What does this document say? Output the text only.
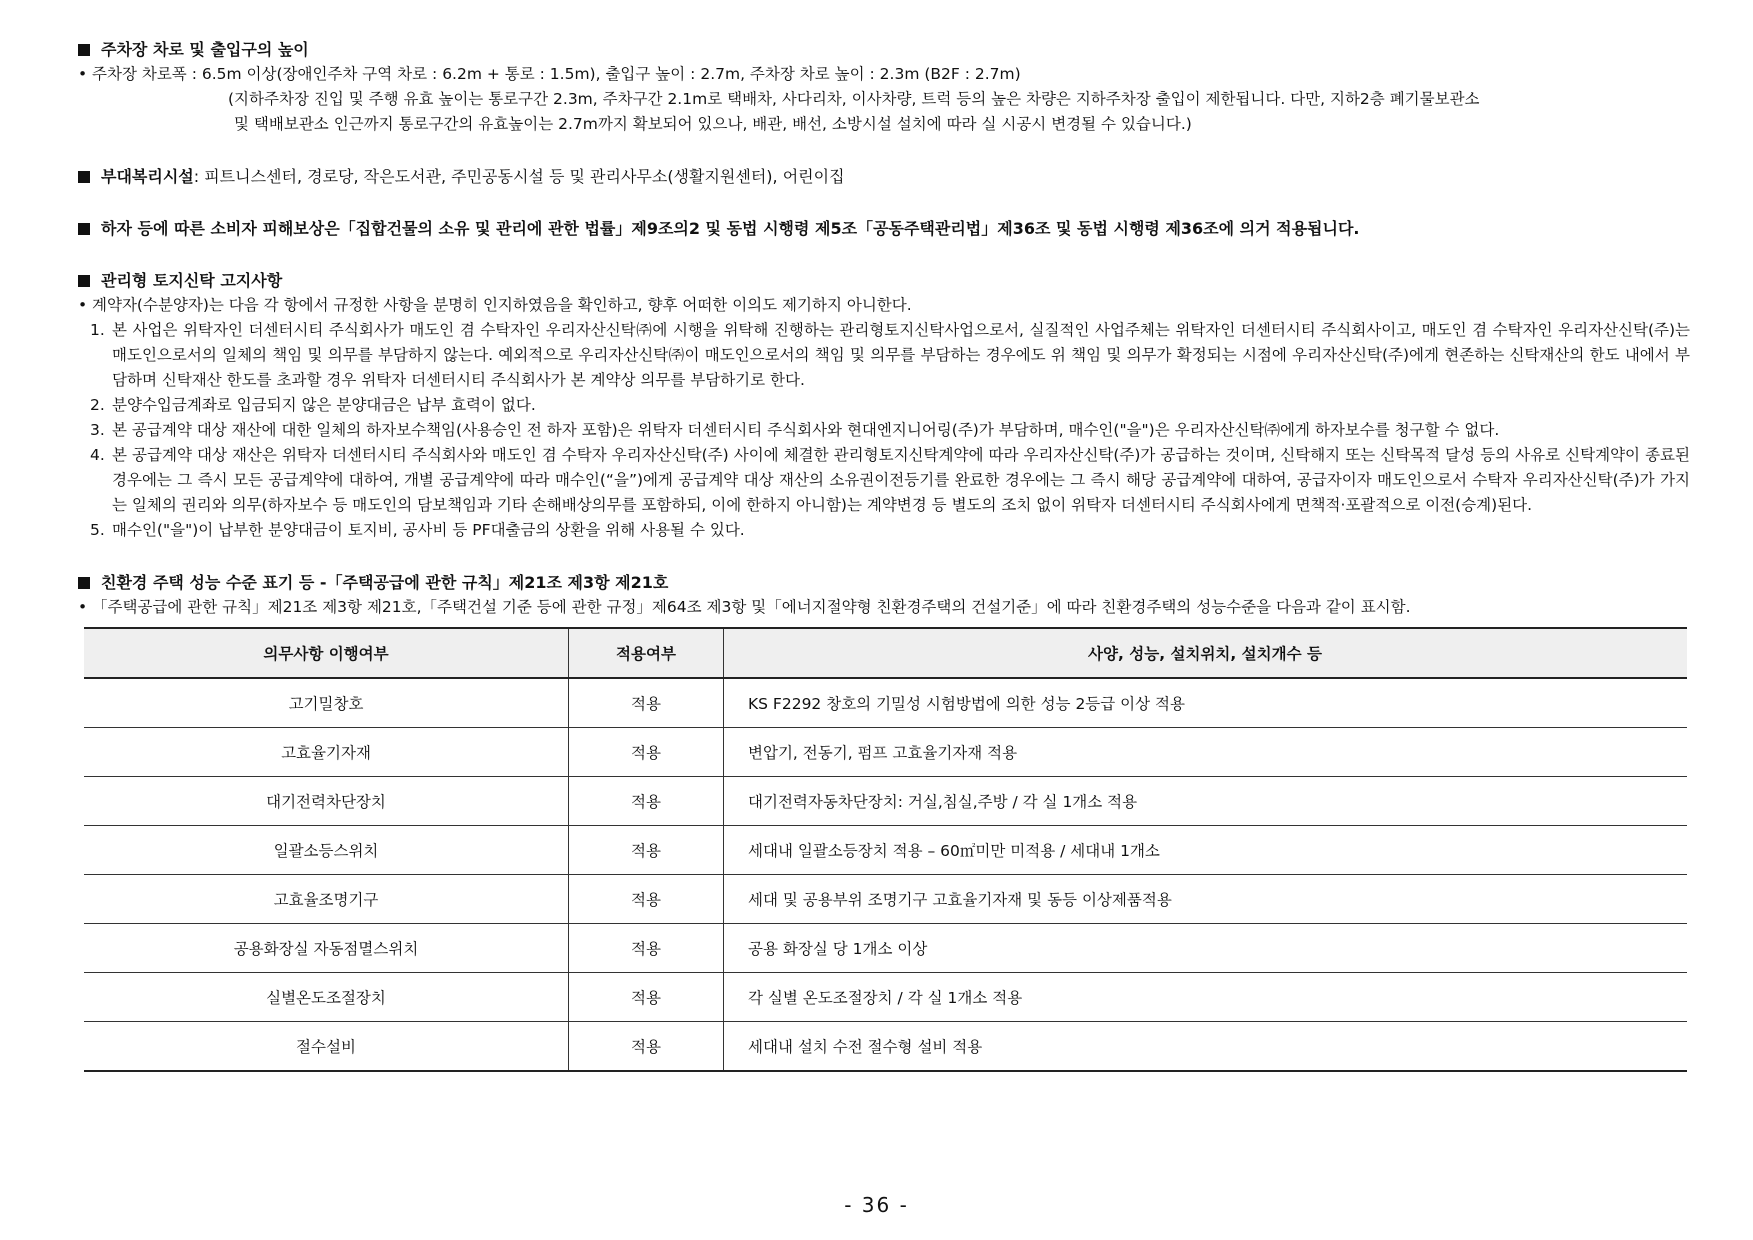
주차장 차로 및 출입구의 높이
• 주차장 차로폭 : 6.5m 이상(장애인주차 구역 차로 : 6.2m + 통로 : 1.5m), 출입구 높이 : 2.7m, 주차장 차로 높이 : 2.3m (B2F : 2.7m)
(지하주차장 진입 및 주행 유효 높이는 통로구간 2.3m, 주차구간 2.1m로 택배차, 사다리차, 이사차량, 트럭 등의 높은 차량은 지하주차장 출입이 제한됩니다. 다만, 지하2층 폐기물보관소
및 택배보관소 인근까지 통로구간의 유효높이는 2.7m까지 확보되어 있으나, 배관, 배선, 소방시설 설치에 따라 실 시공시 변경될 수 있습니다.)
부대복리시설 : 피트니스센터, 경로당, 작은도서관, 주민공동시설 등 및 관리사무소(생활지원센터), 어린이집
하자 등에 따른 소비자 피해보상은「집합건물의 소유 및 관리에 관한 법률」제9조의2 및 동법 시행령 제5조「공동주택관리법」제36조 및 동법 시행령 제36조에 의거 적용됩니다.
관리형 토지신탁 고지사항
• 계약자(수분양자)는 다음 각 항에서 규정한 사항을 분명히 인지하였음을 확인하고, 향후 어떠한 이의도 제기하지 아니한다.
1. 본 사업은 위탁자인 더센터시티 주식회사가 매도인 겸 수탁자인 우리자산신탁㈜에 시행을 위탁해 진행하는 관리형토지신탁사업으로서, 실질적인 사업주체는 위탁자인 더센터시티 주식회사이고, 매도인 겸 수탁자인 우리자산신탁(주)는 매도인으로서의 일체의 책임 및 의무를 부담하지 않는다. 예외적으로 우리자산신탁㈜이 매도인으로서의 책임 및 의무를 부담하는 경우에도 위 책임 및 의무가 확정되는 시점에 우리자산신탁(주)에게 현존하는 신탁재산의 한도 내에서 부담하며 신탁재산 한도를 초과할 경우 위탁자 더센터시티 주식회사가 본 계약상 의무를 부담하기로 한다.
2. 분양수입금계좌로 입금되지 않은 분양대금은 납부 효력이 없다.
3. 본 공급계약 대상 재산에 대한 일체의 하자보수책임(사용승인 전 하자 포함)은 위탁자 더센터시티 주식회사와 현대엔지니어링(주)가 부담하며, 매수인("을")은 우리자산신탁㈜에게 하자보수를 청구할 수 없다.
4. 본 공급계약 대상 재산은 위탁자 더센터시티 주식회사와 매도인 겸 수탁자 우리자산신탁(주) 사이에 체결한 관리형토지신탁계약에 따라 우리자산신탁(주)가 공급하는 것이며, 신탁해지 또는 신탁목적 달성 등의 사유로 신탁계약이 종료된 경우에는 그 즉시 모든 공급계약에 대하여, 개별 공급계약에 따라 매수인(“을”)에게 공급계약 대상 재산의 소유권이전등기를 완료한 경우에는 그 즉시 해당 공급계약에 대하여, 공급자이자 매도인으로서 수탁자 우리자산신탁(주)가 가지는 일체의 권리와 의무(하자보수 등 매도인의 담보책임과 기타 손해배상의무를 포함하되, 이에 한하지 아니함)는 계약변경 등 별도의 조치 없이 위탁자 더센터시티 주식회사에게 면책적·포괄적으로 이전(승계)된다.
5. 매수인("을")이 납부한 분양대금이 토지비, 공사비 등 PF대출금의 상환을 위해 사용될 수 있다.
친환경 주택 성능 수준 표기 등 -「주택공급에 관한 규칙」제21조 제3항 제21호
• 「주택공급에 관한 규칙」제21조 제3항 제21호,「주택건설 기준 등에 관한 규정」제64조 제3항 및「에너지절약형 친환경주택의 건설기준」에 따라 친환경주택의 성능수준을 다음과 같이 표시함.
의무사항 이행여부	적용여부	사양, 성능, 설치위치, 설치개수 등
고기밀창호	적용	KS F2292 창호의 기밀성 시험방법에 의한 성능 2등급 이상 적용
고효율기자재	적용	변압기, 전동기, 펌프 고효율기자재 적용
대기전력차단장치	적용	대기전력자동차단장치: 거실,침실,주방 / 각 실 1개소 적용
일괄소등스위치	적용	세대내 일괄소등장치 적용 – 60㎡미만 미적용 / 세대내 1개소
고효율조명기구	적용	세대 및 공용부위 조명기구 고효율기자재 및 동등 이상제품적용
공용화장실 자동점멸스위치	적용	공용 화장실 당 1개소 이상
실별온도조절장치	적용	각 실별 온도조절장치 / 각 실 1개소 적용
절수설비	적용	세대내 설치 수전 절수형 설비 적용
- 36 -
